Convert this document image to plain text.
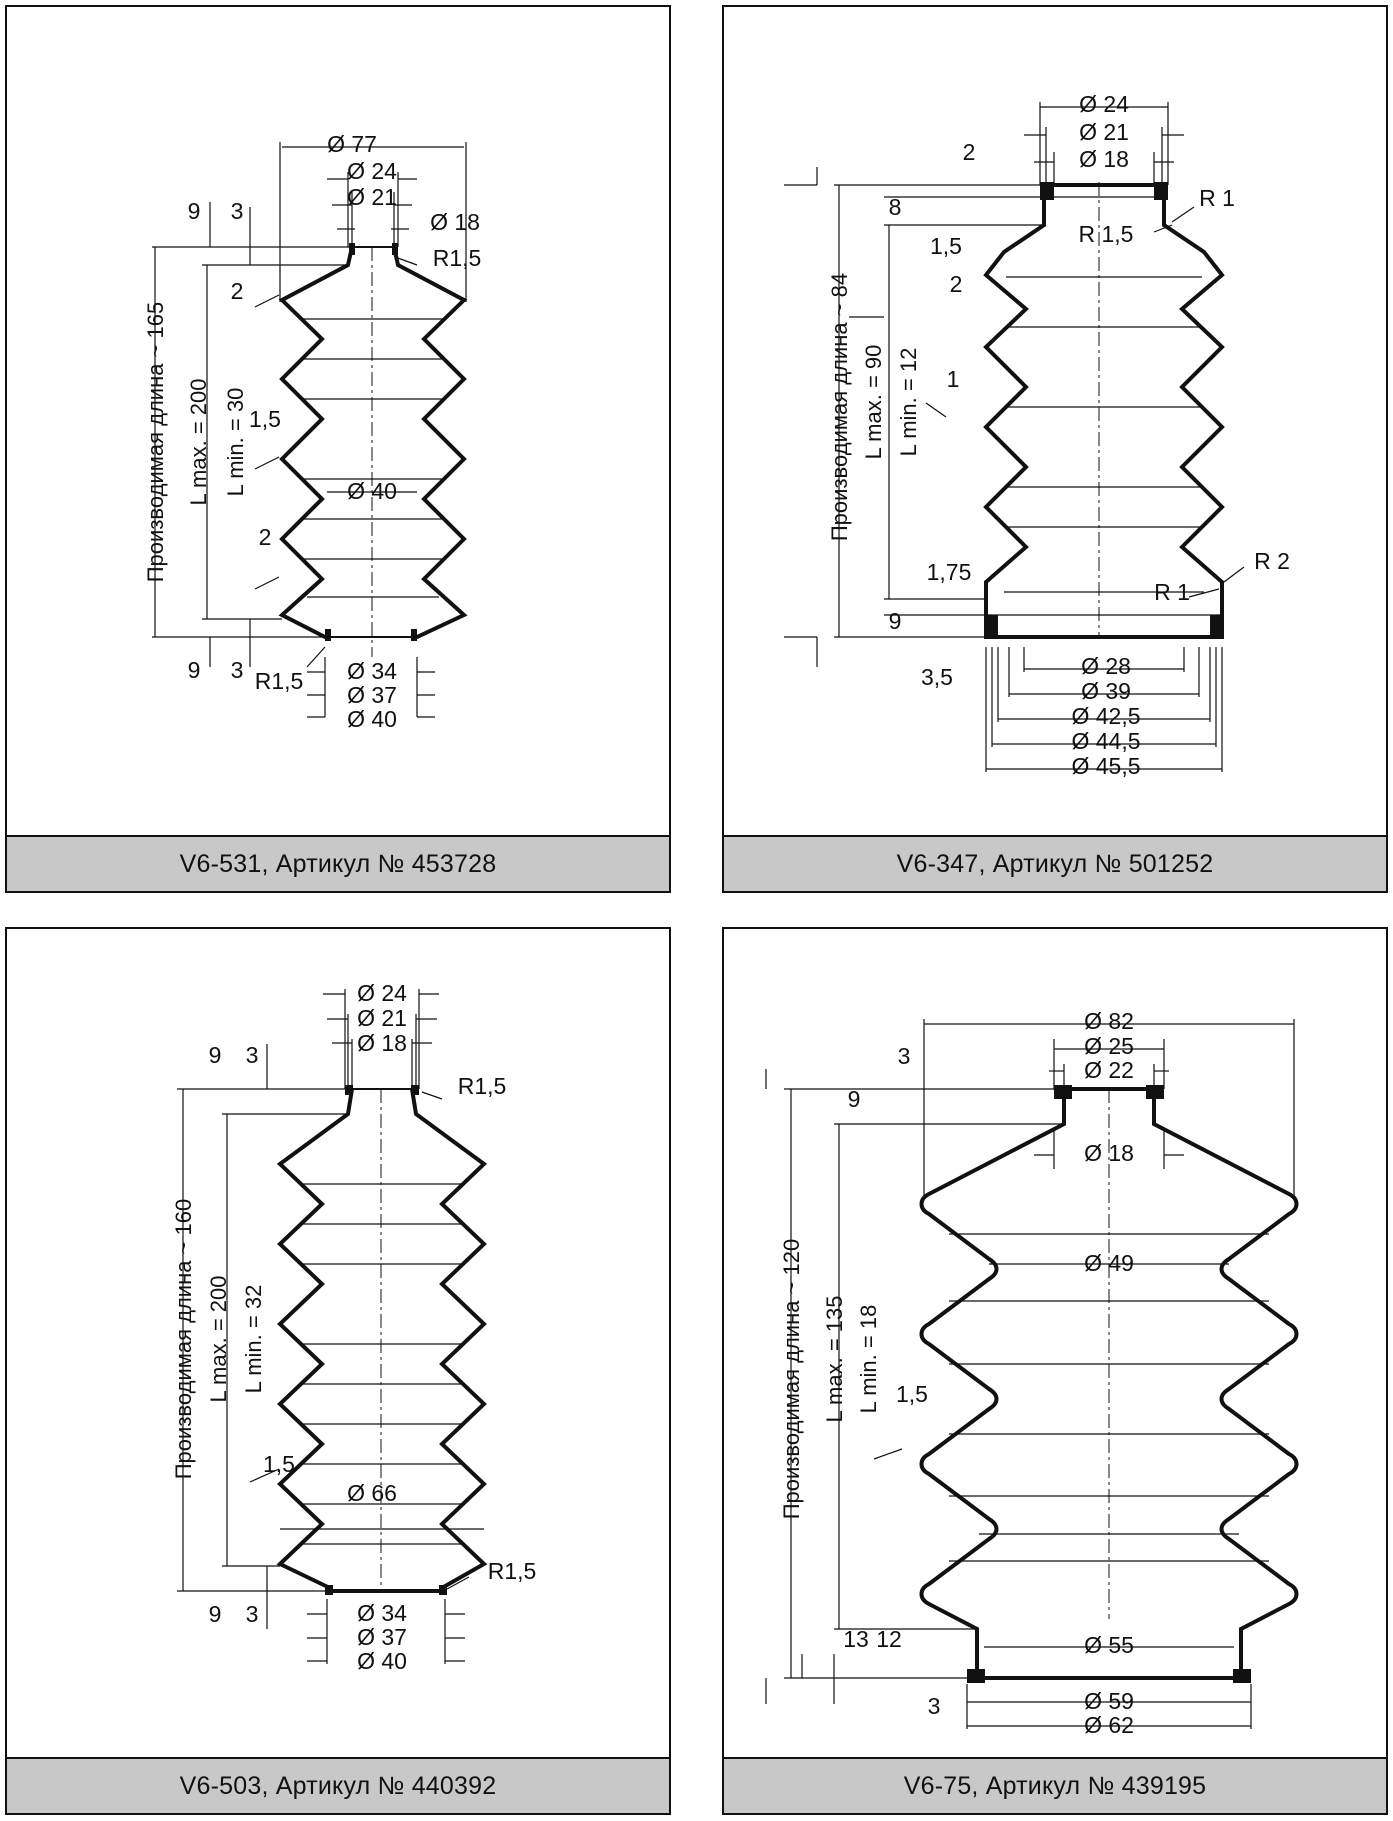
Ø 77
Ø 24
Ø 21
Ø 18
R1,5
9 3
2
1,5
2
Ø 40
9 3 R1,5 Ø 34
Ø 37
Ø 40
Производимая длина ~ 165 L max. = 200 L min. = 30
V6-531, Артикул № 453728
Ø 24
Ø 21
Ø 18
2
8	R 1
R 1,5
1,5
2
1
1,75
R 1
R 2
9
3,5	Ø 28
Ø 39
Ø 42,5
Ø 44,5
Ø 45,5
Производимая длина ~ 84 L max. = 90 L min. = 12
V6-347, Артикул № 501252
Ø 24
Ø 21
Ø 18
9 3
R1,5
1,5
Ø 66
R1,5
9 3	Ø 34
Ø 37
Ø 40
Производимая длина ~ 160 L max. = 200 L min. = 32
V6-503, Артикул № 440392
Ø 82
Ø 25
Ø 22
3
9
Ø 18
Ø 49
1,5
13 12	Ø 55
3	Ø 59
Ø 62
Производимая длина ~ 120 L max. = 135 L min. = 18
V6-75, Артикул № 439195
